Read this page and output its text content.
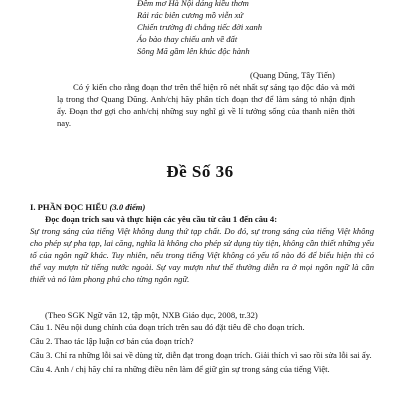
Đêm mơ Hà Nội dáng kiều thơm
Rải rác biên cương mồ viễn xứ
Chiến trường đi chẳng tiếc đời xanh
Áo bào thay chiếu anh về đất
Sông Mã gầm lên khúc độc hành
(Quang Dũng, Tây Tiến)

Có ý kiến cho rằng đoạn thơ trên thể hiện rõ nét nhất sự sáng tạo độc đáo và mới lạ trong thơ Quang Dũng. Anh/chị hãy phân tích đoạn thơ để làm sáng tỏ nhận định ấy. Đoạn thơ gợi cho anh/chị những suy nghĩ gì về lí tưởng sống của thanh niên thời nay.

Đề Số 36
I. PHẦN ĐỌC HIỂU (3.0 điểm)
Đọc đoạn trích sau và thực hiện các yêu cầu từ câu 1 đến câu 4:
Sự trong sáng của tiếng Việt không dung thứ tạp chất. Do đó, sự trong sáng của tiếng Việt không cho phép sự pha tạp, lai căng, nghĩa là không cho phép sử dụng tùy tiện, không cần thiết những yếu tố của ngôn ngữ khác. Tuy nhiên, nếu trong tiếng Việt không có yếu tố nào đó để biểu hiện thì có thể vay mượn từ tiếng nước ngoài. Sự vay mượn như thế thường diễn ra ở mọi ngôn ngữ là cần thiết và nó làm phong phú cho từng ngôn ngữ.
(Theo SGK Ngữ văn 12, tập một, NXB Giáo dục, 2008, tr.32)
Câu 1. Nêu nội dung chính của đoạn trích trên sau đó đặt tiêu đề cho đoạn trích.
Câu 2. Thao tác lập luận cơ bản của đoạn trích?
Câu 3. Chỉ ra những lỗi sai về dùng từ, diễn đạt trong đoạn trích. Giải thích vì sao rồi sửa lỗi sai ấy.
Câu 4. Anh / chị hãy chỉ ra những điều nên làm để giữ gìn sự trong sáng của tiếng Việt.
